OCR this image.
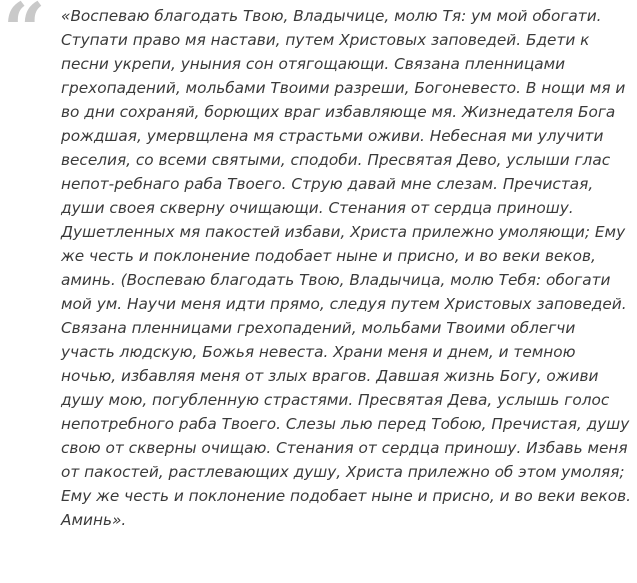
“ «Воспеваю благодать Твою, Владычице, молю Тя: ум мой обогати. Ступати право мя настави, путем Христовых заповедей. Бдети к песни укрепи, уныния сон отягощающи. Связана пленницами грехопадений, мольбами Твоими разреши, Богоневесто. В нощи мя и во дни сохраняй, борющих враг избавляюще мя. Жизнедателя Бога рождшая, умервщлена мя страстьми оживи. Небесная ми улучити веселия, со всеми святыми, сподоби. Пресвятая Дево, услыши глас непот-ребнаго раба Твоего. Струю давай мне слезам. Пречистая, души своея скверну очищающи. Стенания от сердца приношу. Душетленных мя пакостей избави, Христа прилежно умоляющи; Ему же честь и поклонение подобает ныне и присно, и во веки веков, аминь. (Воспеваю благодать Твою, Владычица, молю Тебя: обогати мой ум. Научи меня идти прямо, следуя путем Христовых заповедей. Связана пленницами грехопадений, мольбами Твоими облегчи участь людскую, Божья невеста. Храни меня и днем, и темною ночью, избавляя меня от злых врагов. Давшая жизнь Богу, оживи душу мою, погубленную страстями. Пресвятая Дева, услышь голос непотребного раба Твоего. Слезы лью перед Тобою, Пречистая, душу свою от скверны очищаю. Стенания от сердца приношу. Избавь меня от пакостей, растлевающих душу, Христа прилежно об этом умоляя; Ему же честь и поклонение подобает ныне и присно, и во веки веков. Аминь».
